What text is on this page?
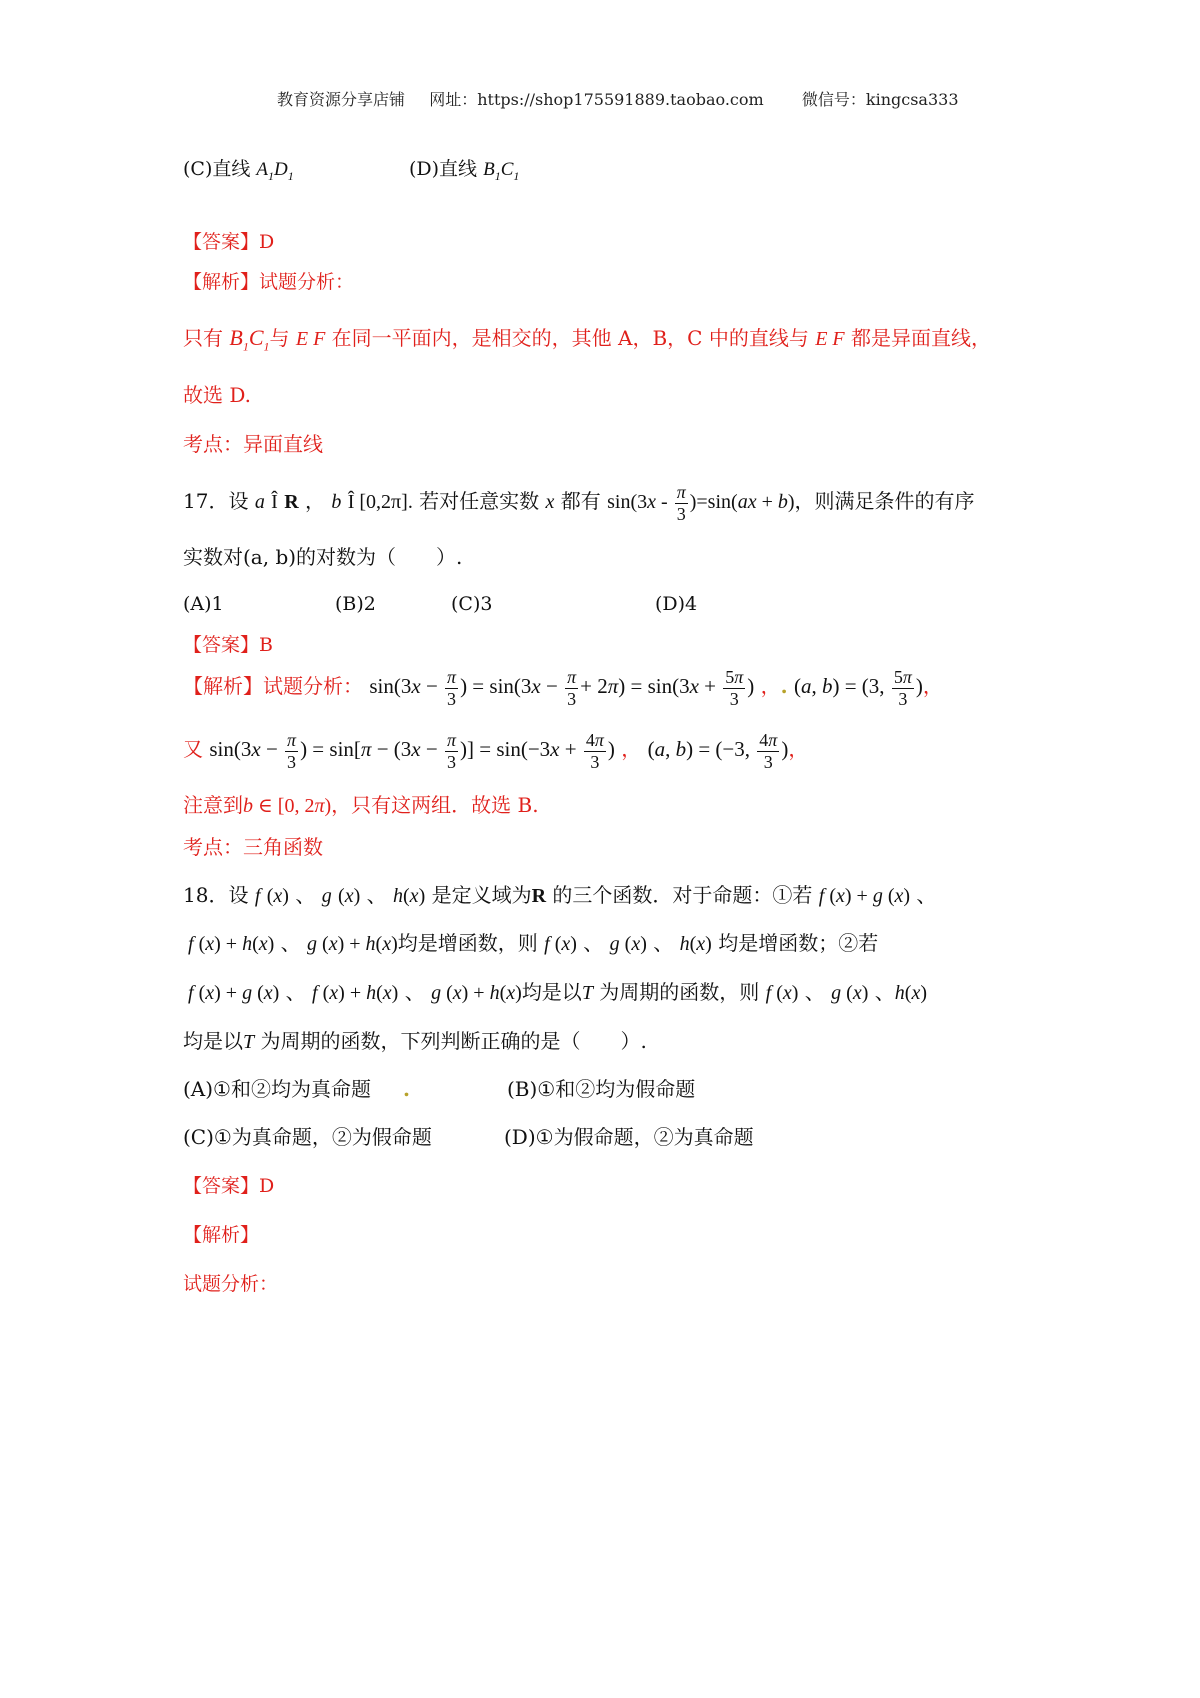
教育资源分享店铺 网址：https://shop175591889.taobao.com 微信号：kingcsa333
(C)直线 $A_1D_1$	(D)直线 $B_1C_1$
【答案】D
【解析】试题分析：
只有 $B_1C_1$与 E F 在同一平面内，是相交的，其他 A，B，C 中的直线与 E F 都是异面直线，
故选 D.
考点：异面直线
17．设 a Î R ， b Î [0,2π]. 若对任意实数 x 都有 $\sin(3x - \frac{\pi}{3} )=\sin(ax + b)$，则满足条件的有序
实数对(a, b)的对数为（　　）.
(A)1	(B)2	(C)3	(D)4
【答案】B
【解析】试题分析： $\sin(3x - \frac{\pi}{3}$ ) = $\sin(3x - \frac{\pi}{3} + 2\pi) = \sin(3x + \frac{5\pi}{3}$ ) ，. (a, b) = (3, $\frac{5\pi}{3}$ )，
又 $\sin(3x - \frac{\pi}{3}$ ) = $\sin[\pi - (3x - \frac{\pi}{3}$ )] = $\sin(-3x + \frac{4\pi}{3}$ ) ， (a, b) = (−3, $\frac{4\pi}{3}$ )，
注意到b ∈ [0, 2π)，只有这两组．故选 B.
考点：三角函数
18．设 f (x) 、 g (x) 、 h(x) 是定义域为R 的三个函数．对于命题：①若 f (x) + g (x) 、
f (x) + h(x) 、 g (x) + h(x)均是增函数，则 f (x) 、 g (x) 、 h(x) 均是增函数；②若
f (x) + g (x) 、 f (x) + h(x) 、 g (x) + h(x)均是以T 为周期的函数，则 f (x) 、 g (x) 、h(x)
均是以T 为周期的函数，下列判断正确的是（　　）.
(A)①和②均为真命题 .	(B)①和②均为假命题
(C)①为真命题，②为假命题	(D)①为假命题，②为真命题
【答案】D
【解析】
试题分析：
